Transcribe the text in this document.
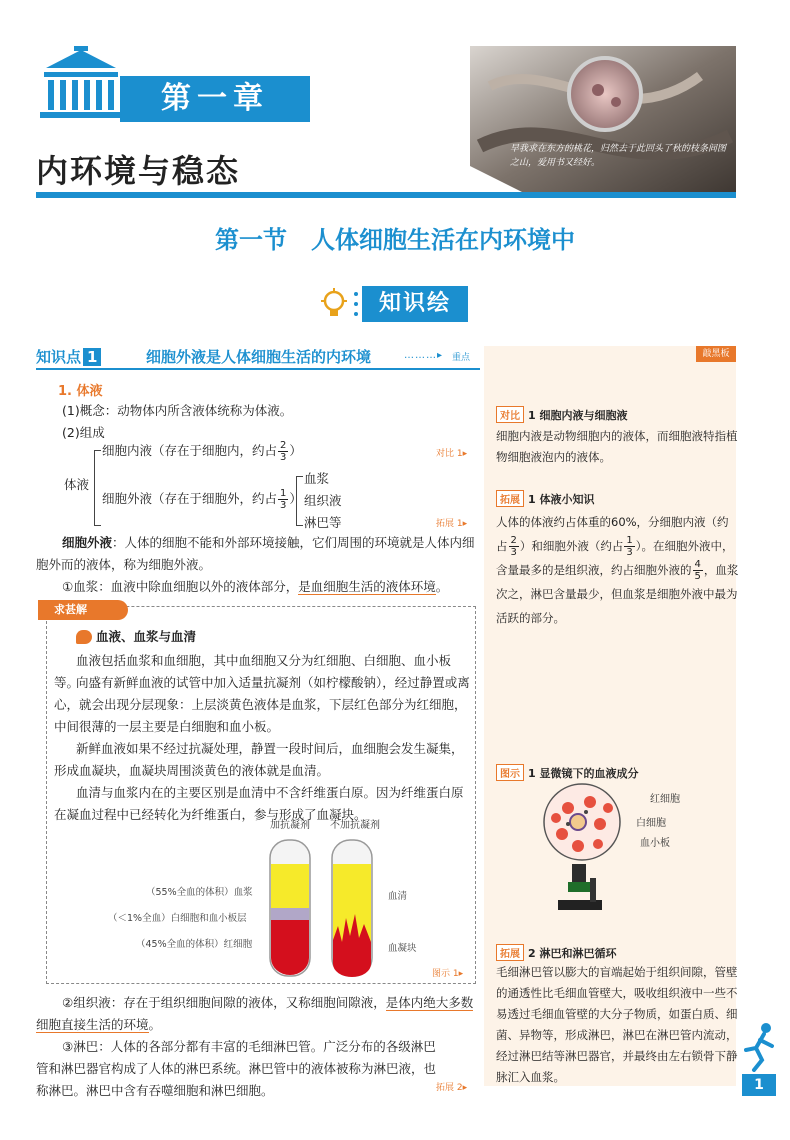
第一章
早我求在东方的桃花，归然去于此回头了秋的枝条间图之山，爱用书又经好。
内环境与稳态
第一节　人体细胞生活在内环境中
知识绘
知识点 1	细胞外液是人体细胞生活的内环境	………▸ 重点
1. 体液
(1)概念：动物体内所含液体统称为体液。
(2)组成
体液
细胞内液（存在于细胞内，约占 $\frac{2}{3}$ ）
细胞外液（存在于细胞外，约占 $\frac{1}{3}$ ）
血浆
组织液
淋巴等
对比 1▸
拓展 1▸
细胞外液：人体的细胞不能和外部环境接触，它们周围的环境就是人体内细胞外而的液体，称为细胞外液。
①血浆：血液中除血细胞以外的液体部分，是血细胞生活的液体环境。
求甚解
血液、血浆与血清
血液包括血浆和血细胞，其中血细胞又分为红细胞、白细胞、血小板等。
向盛有新鲜血液的试管中加入适量抗凝剂（如柠檬酸钠），经过静置或离心，就会出现分层现象：上层淡黄色液体是血浆，下层红色部分为红细胞，中间很薄的一层主要是白细胞和血小板。
新鲜血液如果不经过抗凝处理，静置一段时间后，血细胞会发生凝集，形成血凝块，血凝块周围淡黄色的液体就是血清。
血清与血浆内在的主要区别是血清中不含纤维蛋白原。因为纤维蛋白原在凝血过程中已经转化为纤维蛋白，参与形成了血凝块。
加抗凝剂 不加抗凝剂
（55%全血的体积）血浆
（＜1%全血）白细胞和血小板层
（45%全血的体积）红细胞
血清
血凝块
图示 1▸
②组织液：存在于组织细胞间隙的液体，又称细胞间隙液，是体内绝大多数细胞直接生活的环境。
③淋巴：人体的各部分都有丰富的毛细淋巴管。广泛分布的各级淋巴管和淋巴器官构成了人体的淋巴系统。淋巴管中的液体被称为淋巴液，也称淋巴。淋巴中含有吞噬细胞和淋巴细胞。	拓展 2▸
敲黑板
对比 1 细胞内液与细胞液
细胞内液是动物细胞内的液体，而细胞液特指植物细胞液泡内的液体。
拓展 1 体液小知识
人体的体液约占体重的60%，分细胞内液（约占 $\frac{2}{3}$ ）和细胞外液（约占 $\frac{1}{3}$ ）。在细胞外液中，含量最多的是组织液，约占细胞外液的 $\frac{4}{5}$ ，血浆次之，淋巴含量最少，但血浆是细胞外液中最为活跃的部分。
图示 1 显微镜下的血液成分
红细胞
白细胞
血小板
拓展 2 淋巴和淋巴循环
毛细淋巴管以膨大的盲端起始于组织间隙，管壁的通透性比毛细血管壁大，吸收组织液中一些不易透过毛细血管壁的大分子物质，如蛋白质、细菌、异物等，形成淋巴，淋巴在淋巴管内流动，经过淋巴结等淋巴器官，并最终由左右锁骨下静脉汇入血浆。	1
